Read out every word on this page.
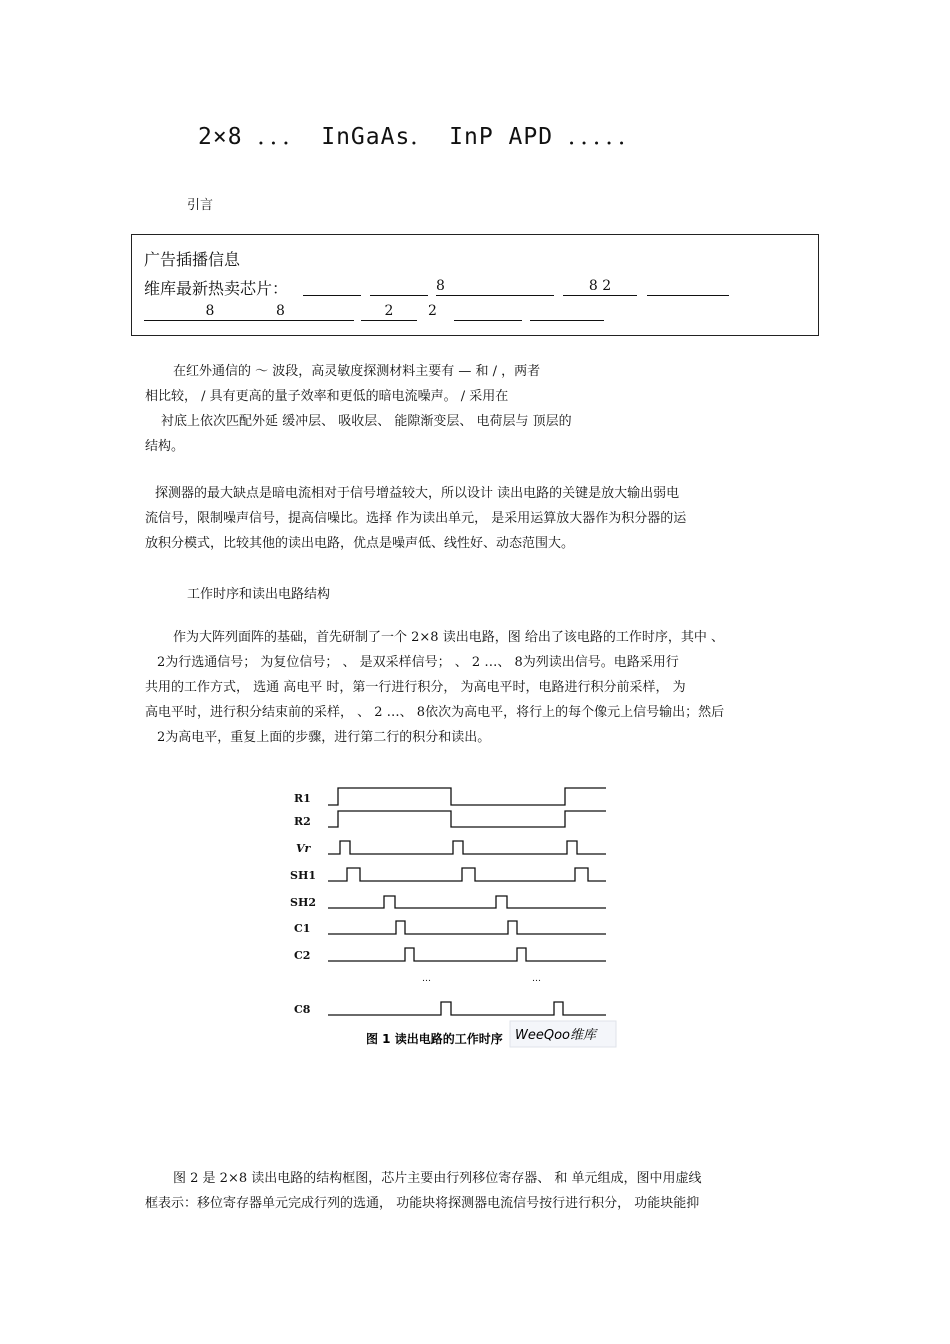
2×8 ．．． InGaAs． InP APD ．．．．．
引言
广告插播信息
维库最新热卖芯片：	8	8 2
8	8	2	2
在红外通信的 ～ 波段，高灵敏度探测材料主要有 — 和 / ，两者
相比较， / 具有更高的量子效率和更低的暗电流噪声。 / 采用在
衬底上依次匹配外延 缓冲层、 吸收层、 能隙渐变层、 电荷层与 顶层的
结构。
探测器的最大缺点是暗电流相对于信号增益较大，所以设计 读出电路的关键是放大输出弱电
流信号，限制噪声信号，提高信噪比。选择 作为读出单元， 是采用运算放大器作为积分器的运
放积分模式，比较其他的读出电路，优点是噪声低、线性好、动态范围大。
工作时序和读出电路结构
作为大阵列面阵的基础，首先研制了一个 2×8 读出电路，图 给出了该电路的工作时序，其中 、
2为行选通信号； 为复位信号； 、 是双采样信号； 、 2 …、 8为列读出信号。电路采用行
共用的工作方式， 选通 高电平 时，第一行进行积分， 为高电平时，电路进行积分前采样， 为
高电平时，进行积分结束前的采样， 、 2 …、 8依次为高电平，将行上的每个像元上信号输出；然后
2为高电平，重复上面的步骤，进行第二行的积分和读出。
R1
R2
Vr
SH1
SH2
C1
C2
C8
…	…
图 1 读出电路的工作时序 WeeQoo维库
图 2 是 2×8 读出电路的结构框图，芯片主要由行列移位寄存器、 和 单元组成，图中用虚线
框表示：移位寄存器单元完成行列的选通， 功能块将探测器电流信号按行进行积分， 功能块能抑
